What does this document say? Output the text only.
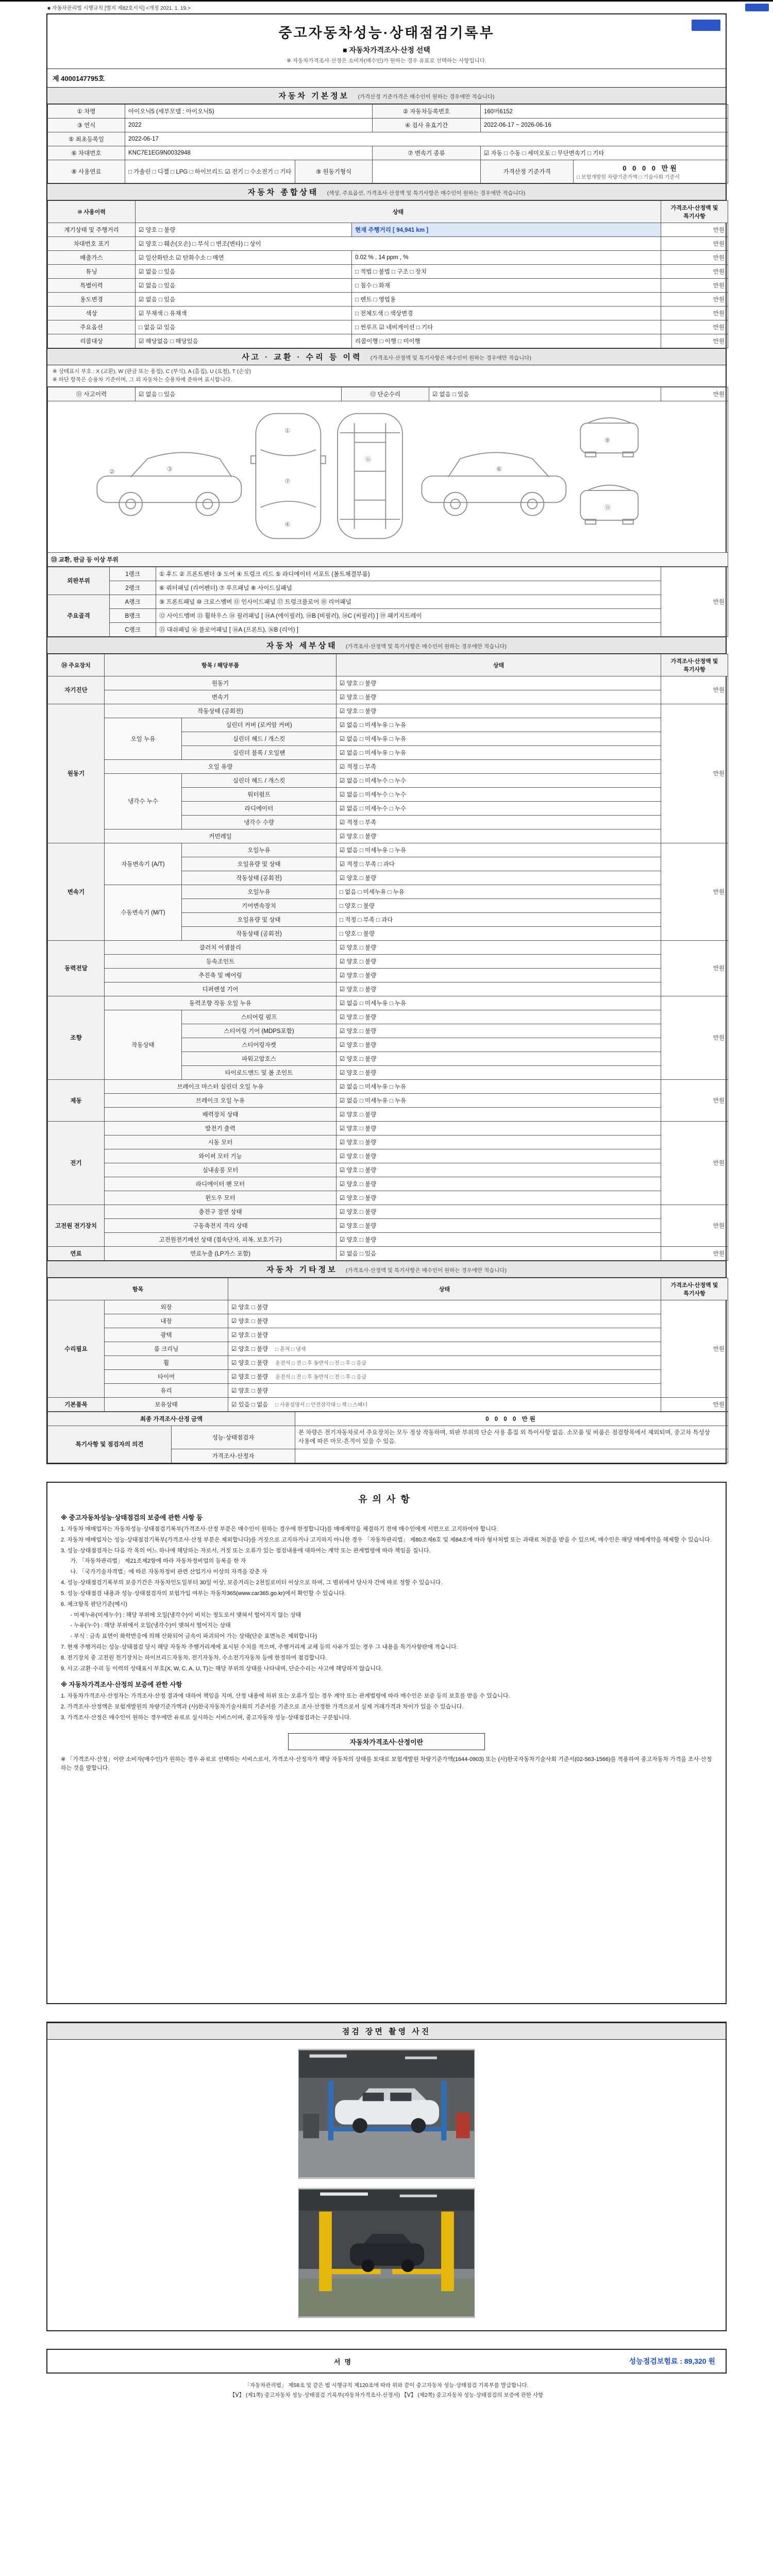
■ 자동차관리법 시행규칙 [별지 제82호서식] <개정 2021. 1. 19.>
중고자동차성능·상태점검기록부
■ 자동차가격조사·산정 선택
※ 자동차가격조사·산정은 소비자(매수인)가 원하는 경우 유료로 선택하는 사항입니다.
제 4000147795호
자동차 기본정보 (가격산정 기준가격은 매수인이 원하는 경우에만 적습니다)
① 차명	아이오닉5 (세부모델 : 아이오닉5)		② 자동차등록번호	160머6152	
③ 연식	2022		④ 검사 유효기간	2022-06-17 ~ 2026-06-16	
⑤ 최초등록일	2022-06-17				
⑥ 차대번호	KNC7E1EG9N0032948		⑦ 변속기 종류	☑ 자동 □ 수동 □ 세미오토 □ 무단변속기 □ 기타	
⑧ 사용연료	□ 가솔린 □ 디젤 □ LPG □ 하이브리드 ☑ 전기 □ 수소전기 □ 기타	⑨ 원동기형식		가격산정 기준가격	0 0 0 0 만원
□ 보험개발원 차량기준가액 □ 기술사회 기준서
자동차 종합상태 (색상, 주요옵션, 가격조사·산정액 및 특기사항은 매수인이 원하는 경우에만 적습니다)
⑩ 사용이력	상태		가격조사·산정액 및 특기사항
계기상태 및 주행거리	☑ 양호 □ 불량	현재 주행거리 [ 94,941 km ]	만원
차대번호 표기	☑ 양호 □ 훼손(오손) □ 부식 □ 변조(변타) □ 상이		만원
배출가스	☑ 일산화탄소 ☑ 탄화수소 □ 매연	0.02 % , 14 ppm , %	만원
튜닝	☑ 없음 □ 있음	□ 적법 □ 불법 □ 구조 □ 장치	만원
특별이력	☑ 없음 □ 있음	□ 침수 □ 화재	만원
용도변경	☑ 없음 □ 있음	□ 렌트 □ 영업용	만원
색상	☑ 무채색 □ 유채색	□ 전체도색 □ 색상변경	만원
주요옵션	□ 없음 ☑ 있음	□ 썬루프 ☑ 네비게이션 □ 기타	만원
리콜대상	☑ 해당없음 □ 해당있음	리콜이행 □ 이행 □ 미이행	만원
사고 · 교환 · 수리 등 이력 (가격조사·산정액 및 특기사항은 매수인이 원하는 경우에만 적습니다)
※ 상태표시 부호 : X (교환), W (판금 또는 용접), C (부식), A (흠집), U (요철), T (손상)
※ 하단 항목은 승용차 기준이며, 그 외 자동차는 승용차에 준하여 표시합니다.
⑪ 사고이력	☑ 없음 □ 있음	⑫ 단순수리	☑ 없음 □ 있음	만원

③
②
①
⑦
④
⑯
⑥
⑨
⑱

⑬ 교환, 판금 등 이상 부위
외판부위	1랭크	① 후드 ② 프론트펜더 ③ 도어 ④ 트렁크 리드 ⑤ 라디에이터 서포트 (볼트체결부품)	만원
	2랭크	⑥ 쿼터패널 (리어펜더) ⑦ 루프패널 ⑧ 사이드실패널	
주요골격	A랭크	⑨ 프론트패널 ⑩ 크로스멤버 ⑪ 인사이드패널 ⑰ 트렁크플로어 ⑱ 리어패널	
	B랭크	⑫ 사이드멤버 ⑬ 휠하우스 ⑭ 필러패널 [ ⑭A (에이필러), ⑭B (비필러), ⑭C (씨필러) ] ⑲ 패키지트레이	
	C랭크	⑮ 대쉬패널 ⑯ 플로어패널 [ ⑯A (프론트), ⑯B (리어) ]	
자동차 세부상태 (가격조사·산정액 및 특기사항은 매수인이 원하는 경우에만 적습니다)
⑭ 주요장치	항목 / 해당부품		상태	가격조사·산정액 및 특기사항
자기진단	원동기		☑ 양호 □ 불량	만원
	변속기		☑ 양호 □ 불량	
원동기	작동상태 (공회전)		☑ 양호 □ 불량	만원
	오일 누유	실린더 커버 (로커암 커버)	☑ 없음 □ 미세누유 □ 누유	
		실린더 헤드 / 개스킷	☑ 없음 □ 미세누유 □ 누유	
		실린더 블록 / 오일팬	☑ 없음 □ 미세누유 □ 누유	
	오일 유량		☑ 적정 □ 부족	
	냉각수 누수	실린더 헤드 / 개스킷	☑ 없음 □ 미세누수 □ 누수	
		워터펌프	☑ 없음 □ 미세누수 □ 누수	
		라디에이터	☑ 없음 □ 미세누수 □ 누수	
		냉각수 수량	☑ 적정 □ 부족	
	커먼레일		☑ 양호 □ 불량	
변속기	자동변속기 (A/T)	오일누유	☑ 없음 □ 미세누유 □ 누유	만원
		오일유량 및 상태	☑ 적정 □ 부족 □ 과다	
		작동상태 (공회전)	☑ 양호 □ 불량	
	수동변속기 (M/T)	오일누유	□ 없음 □ 미세누유 □ 누유	
		기어변속장치	□ 양호 □ 불량	
		오일유량 및 상태	□ 적정 □ 부족 □ 과다	
		작동상태 (공회전)	□ 양호 □ 불량	
동력전달	클러치 어셈블리		☑ 양호 □ 불량	만원
	등속조인트		☑ 양호 □ 불량	
	추진축 및 베어링		☑ 양호 □ 불량	
	디퍼렌셜 기어		☑ 양호 □ 불량	
조향	동력조향 작동 오일 누유		☑ 없음 □ 미세누유 □ 누유	만원
	작동상태	스티어링 펌프	☑ 양호 □ 불량	
		스티어링 기어 (MDPS포함)	☑ 양호 □ 불량	
		스티어링자켓	☑ 양호 □ 불량	
		파워고압호스	☑ 양호 □ 불량	
		타이로드엔드 및 볼 조인트	☑ 양호 □ 불량	
제동	브레이크 마스터 실린더 오일 누유		☑ 없음 □ 미세누유 □ 누유	만원
	브레이크 오일 누유		☑ 없음 □ 미세누유 □ 누유	
	배력장치 상태		☑ 양호 □ 불량	
전기	발전기 출력		☑ 양호 □ 불량	만원
	시동 모터		☑ 양호 □ 불량	
	와이퍼 모터 기능		☑ 양호 □ 불량	
	실내송풍 모터		☑ 양호 □ 불량	
	라디에이터 팬 모터		☑ 양호 □ 불량	
	윈도우 모터		☑ 양호 □ 불량	
고전원 전기장치	충전구 절연 상태		☑ 양호 □ 불량	만원
	구동축전지 격리 상태		☑ 양호 □ 불량	
	고전원전기배선 상태 (접속단자, 피복, 보호기구)		☑ 양호 □ 불량	
연료	연료누출 (LP가스 포함)		☑ 없음 □ 있음	만원
자동차 기타정보 (가격조사·산정액 및 특기사항은 매수인이 원하는 경우에만 적습니다)
항목		상태	가격조사·산정액 및 특기사항
수리필요	외장	☑ 양호 □ 불량	만원
	내장	☑ 양호 □ 불량	
	광택	☑ 양호 □ 불량	
	룸 크리닝	☑ 양호 □ 불량 □ 흔적 □ 냄새	
	휠	☑ 양호 □ 불량 운전석 □ 전 □ 후 동반석 □ 전 □ 후 □ 응급	
	타이어	☑ 양호 □ 불량 운전석 □ 전 □ 후 동반석 □ 전 □ 후 □ 응급	
	유리	☑ 양호 □ 불량	
기본품목	보유상태	☑ 있음 □ 없음 □ 사용설명서 □ 안전삼각대 □ 잭 □ 스패너	만원
최종 가격조사·산정 금액		0 0 0 0 만원
특기사항 및 점검자의 의견	성능·상태점검자	본 차량은 전기자동차로서 주요장치는 모두 정상 작동하며, 외판 부위의 단순 사용 흠집 외 특이사항 없음. 소모품 및 비품은 점검항목에서 제외되며, 중고차 특성상 사용에 따른 마모·흔적이 있을 수 있음.
	가격조사·산정자	
유의사항
※ 중고자동차성능·상태점검의 보증에 관한 사항 등
1. 자동차 매매업자는 자동차성능·상태점검기록부(가격조사·산정 부분은 매수인이 원하는 경우에 한정합니다)를 매매계약을 체결하기 전에 매수인에게 서면으로 고지하여야 합니다.
2. 자동차 매매업자는 성능·상태점검기록부(가격조사·산정 부분은 제외합니다)를 거짓으로 고지하거나 고지하지 아니한 경우 「자동차관리법」 제80조제6호 및 제84조에 따라 형사처벌 또는 과태료 처분을 받을 수 있으며, 매수인은 해당 매매계약을 해제할 수 있습니다.
3. 성능·상태점검자는 다음 각 목의 어느 하나에 해당하는 자로서, 거짓 또는 오류가 있는 점검내용에 대하여는 계약 또는 관계법령에 따라 책임을 집니다.
가. 「자동차관리법」 제21조제2항에 따라 자동차정비업의 등록을 한 자
나. 「국가기술자격법」에 따른 자동차정비 관련 산업기사 이상의 자격을 갖춘 자
4. 성능·상태점검기록부의 보증기간은 자동차인도일부터 30일 이상, 보증거리는 2천킬로미터 이상으로 하며, 그 범위에서 당사자 간에 따로 정할 수 있습니다.
5. 성능·상태점검 내용과 성능·상태점검자의 보험가입 여부는 자동차365(www.car365.go.kr)에서 확인할 수 있습니다.
6. 체크항목 판단기준(예시)
- 미세누유(미세누수) : 해당 부위에 오일(냉각수)이 비치는 정도로서 맺혀서 떨어지지 않는 상태
- 누유(누수) : 해당 부위에서 오일(냉각수)이 맺혀서 떨어지는 상태
- 부식 : 금속 표면이 화학반응에 의해 산화되어 금속이 파괴되어 가는 상태(단순 표면녹은 제외합니다)
7. 현재 주행거리는 성능·상태점검 당시 해당 자동차 주행거리계에 표시된 수치를 적으며, 주행거리계 교체 등의 사유가 있는 경우 그 내용을 특기사항란에 적습니다.
8. 전기장치 중 고전원 전기장치는 하이브리드자동차, 전기자동차, 수소전기자동차 등에 한정하여 점검합니다.
9. 사고·교환·수리 등 이력의 상태표시 부호(X, W, C, A, U, T)는 해당 부위의 상태를 나타내며, 단순수리는 사고에 해당하지 않습니다.
※ 자동차가격조사·산정의 보증에 관한 사항
1. 자동차가격조사·산정자는 가격조사·산정 결과에 대하여 책임을 지며, 산정 내용에 허위 또는 오류가 있는 경우 계약 또는 관계법령에 따라 매수인은 보증 등의 보호를 받을 수 있습니다.
2. 가격조사·산정액은 보험개발원의 차량기준가액과 (사)한국자동차기술사회의 기준서를 기준으로 조사·산정한 가격으로서 실제 거래가격과 차이가 있을 수 있습니다.
3. 가격조사·산정은 매수인이 원하는 경우에만 유료로 실시하는 서비스이며, 중고자동차 성능·상태점검과는 구분됩니다.
자동차가격조사·산정이란
※ 「가격조사·산정」이란 소비자(매수인)가 원하는 경우 유료로 선택하는 서비스로서, 가격조사·산정자가 해당 자동차의 상태를 토대로 보험개발원 차량기준가액(1644-0903) 또는 (사)한국자동차기술사회 기준서(02-563-1566)를 적용하여 중고자동차 가격을 조사·산정하는 것을 말합니다.
점검 장면 촬영 사진
서명	성능점검보험료 : 89,320 원
「자동차관리법」 제58조 및 같은 법 시행규칙 제120조에 따라 위와 같이 중고자동차 성능·상태점검 기록부를 발급합니다.
【Ⅴ】 (제1쪽) 중고자동차 성능·상태점검 기록부(자동차가격조사·산정서) 【Ⅴ】 (제2쪽) 중고자동차 성능·상태점검의 보증에 관한 사항
